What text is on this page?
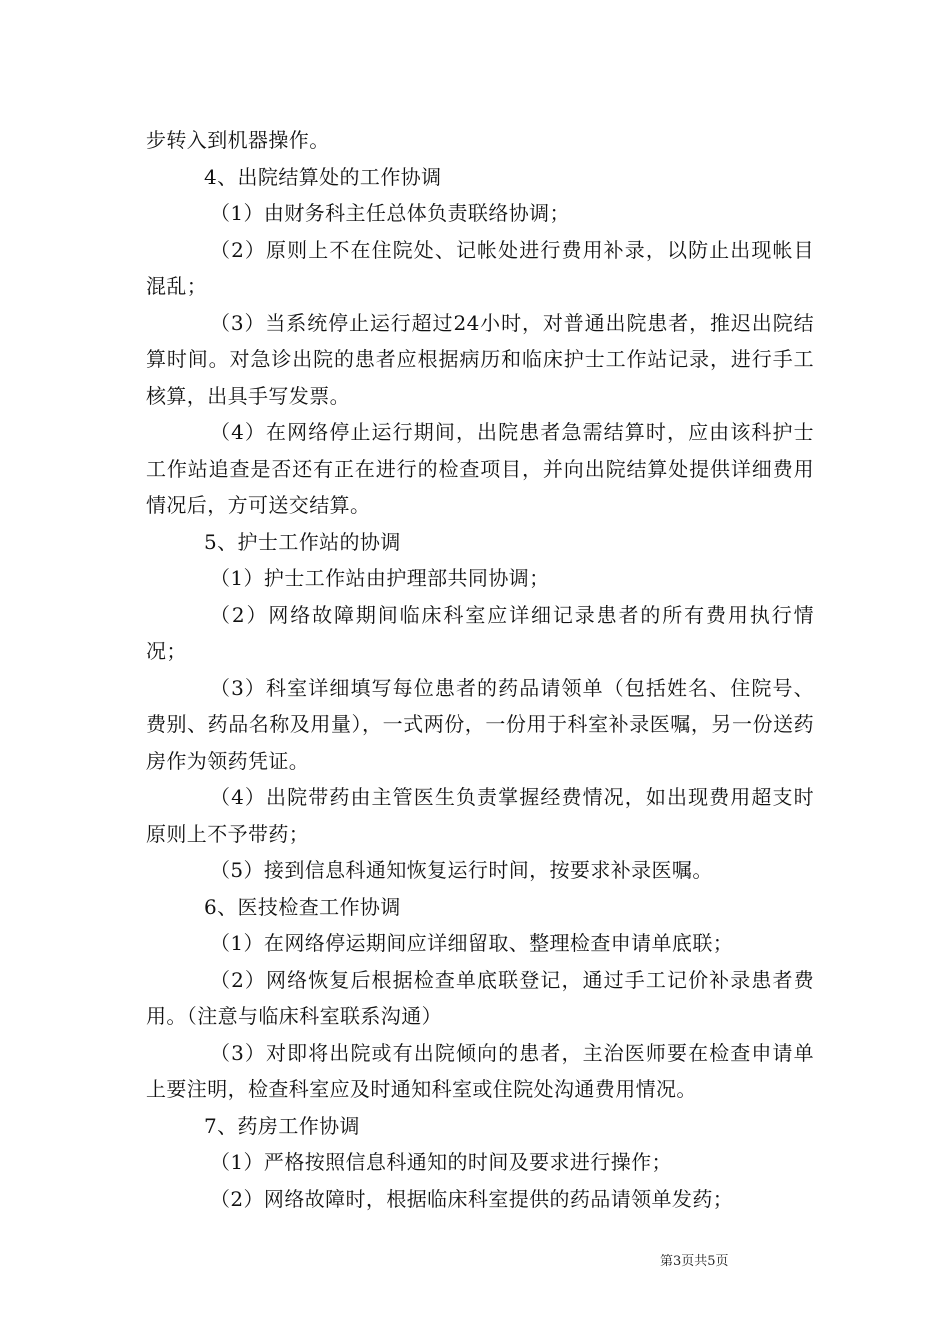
步转入到机器操作。

4、出院结算处的工作协调

（1）由财务科主任总体负责联络协调；

（2）原则上不在住院处、记帐处进行费用补录，以防止出现帐目混乱；

（3）当系统停止运行超过24小时，对普通出院患者，推迟出院结算时间。对急诊出院的患者应根据病历和临床护士工作站记录，进行手工核算，出具手写发票。

（4）在网络停止运行期间，出院患者急需结算时，应由该科护士工作站追查是否还有正在进行的检查项目，并向出院结算处提供详细费用情况后，方可送交结算。

5、护士工作站的协调

（1）护士工作站由护理部共同协调；

（2）网络故障期间临床科室应详细记录患者的所有费用执行情况；

（3）科室详细填写每位患者的药品请领单（包括姓名、住院号、费别、药品名称及用量），一式两份，一份用于科室补录医嘱，另一份送药房作为领药凭证。

（4）出院带药由主管医生负责掌握经费情况，如出现费用超支时原则上不予带药；

（5）接到信息科通知恢复运行时间，按要求补录医嘱。

6、医技检查工作协调

（1）在网络停运期间应详细留取、整理检查申请单底联；

（2）网络恢复后根据检查单底联登记，通过手工记价补录患者费用。（注意与临床科室联系沟通）

（3）对即将出院或有出院倾向的患者，主治医师要在检查申请单上要注明，检查科室应及时通知科室或住院处沟通费用情况。

7、药房工作协调

（1）严格按照信息科通知的时间及要求进行操作；

（2）网络故障时，根据临床科室提供的药品请领单发药；

第3页共5页
